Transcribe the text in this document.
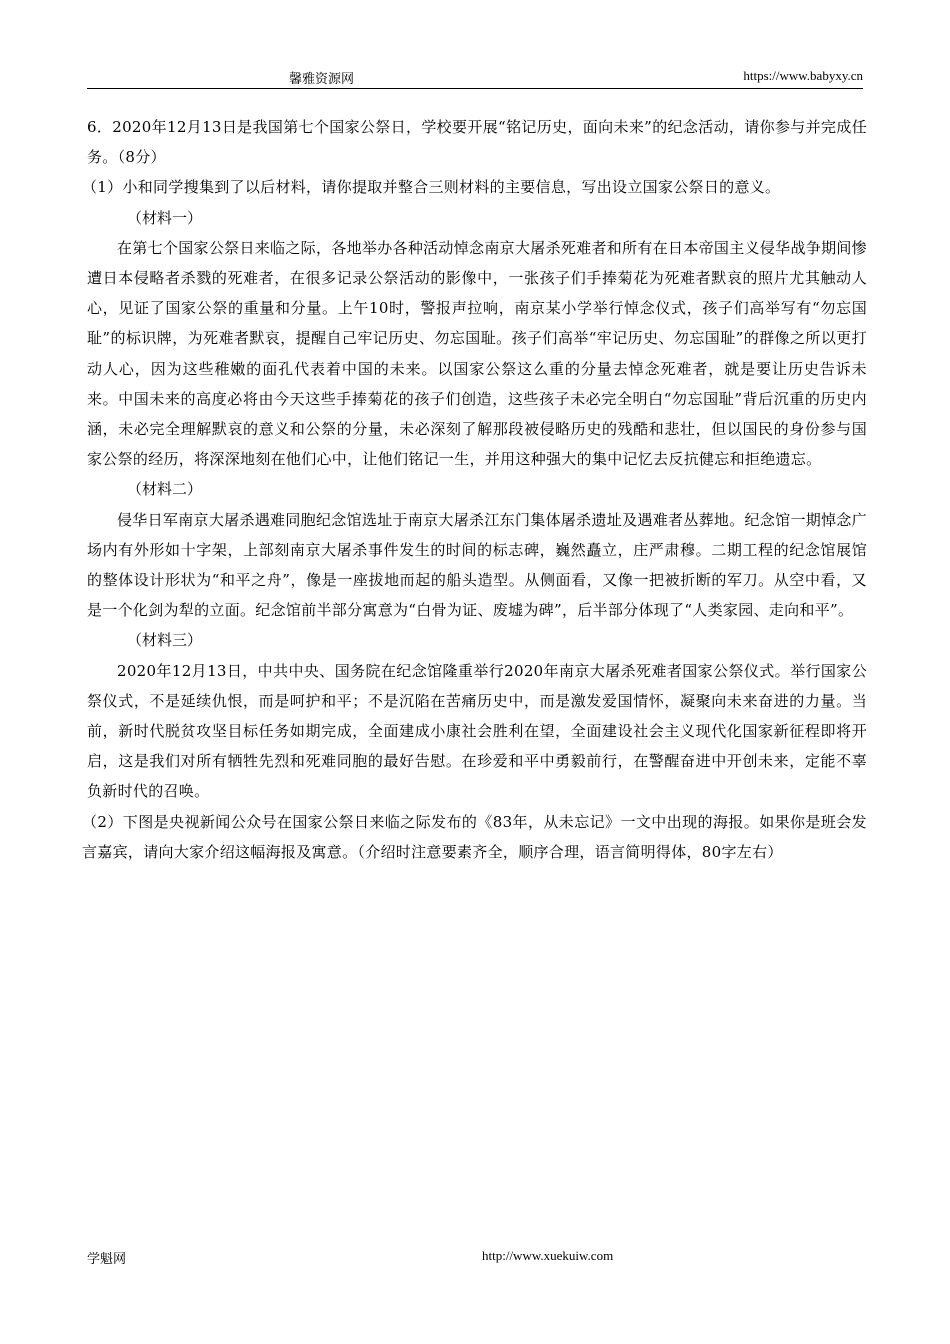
馨雅资源网	https://www.babyxy.cn

6．2020年12月13日是我国第七个国家公祭日，学校要开展“铭记历史，面向未来”的纪念活动，请你参与并完成任务。（8分）

（1）小和同学搜集到了以后材料，请你提取并整合三则材料的主要信息，写出设立国家公祭日的意义。

（材料一）

在第七个国家公祭日来临之际，各地举办各种活动悼念南京大屠杀死难者和所有在日本帝国主义侵华战争期间惨遭日本侵略者杀戮的死难者，在很多记录公祭活动的影像中，一张孩子们手捧菊花为死难者默哀的照片尤其触动人心，见证了国家公祭的重量和分量。上午10时，警报声拉响，南京某小学举行悼念仪式，孩子们高举写有“勿忘国耻”的标识牌，为死难者默哀，提醒自己牢记历史、勿忘国耻。孩子们高举“牢记历史、勿忘国耻”的群像之所以更打动人心，因为这些稚嫩的面孔代表着中国的未来。以国家公祭这么重的分量去悼念死难者，就是要让历史告诉未来。中国未来的高度必将由今天这些手捧菊花的孩子们创造，这些孩子未必完全明白“勿忘国耻”背后沉重的历史内涵，未必完全理解默哀的意义和公祭的分量，未必深刻了解那段被侵略历史的残酷和悲壮，但以国民的身份参与国家公祭的经历，将深深地刻在他们心中，让他们铭记一生，并用这种强大的集中记忆去反抗健忘和拒绝遗忘。

（材料二）

侵华日军南京大屠杀遇难同胞纪念馆选址于南京大屠杀江东门集体屠杀遗址及遇难者丛葬地。纪念馆一期悼念广场内有外形如十字架，上部刻南京大屠杀事件发生的时间的标志碑，巍然矗立，庄严肃穆。二期工程的纪念馆展馆的整体设计形状为“和平之舟”，像是一座拔地而起的船头造型。从侧面看，又像一把被折断的军刀。从空中看，又是一个化剑为犁的立面。纪念馆前半部分寓意为“白骨为证、废墟为碑”，后半部分体现了“人类家园、走向和平”。

（材料三）

2020年12月13日，中共中央、国务院在纪念馆隆重举行2020年南京大屠杀死难者国家公祭仪式。举行国家公祭仪式，不是延续仇恨，而是呵护和平；不是沉陷在苦痛历史中，而是激发爱国情怀，凝聚向未来奋进的力量。当前，新时代脱贫攻坚目标任务如期完成，全面建成小康社会胜利在望，全面建设社会主义现代化国家新征程即将开启，这是我们对所有牺牲先烈和死难同胞的最好告慰。在珍爱和平中勇毅前行，在警醒奋进中开创未来，定能不辜负新时代的召唤。

（2）下图是央视新闻公众号在国家公祭日来临之际发布的《83年，从未忘记》一文中出现的海报。如果你是班会发言嘉宾，请向大家介绍这幅海报及寓意。（介绍时注意要素齐全，顺序合理，语言简明得体，80字左右）

学魁网	http://www.xuekuiw.com
